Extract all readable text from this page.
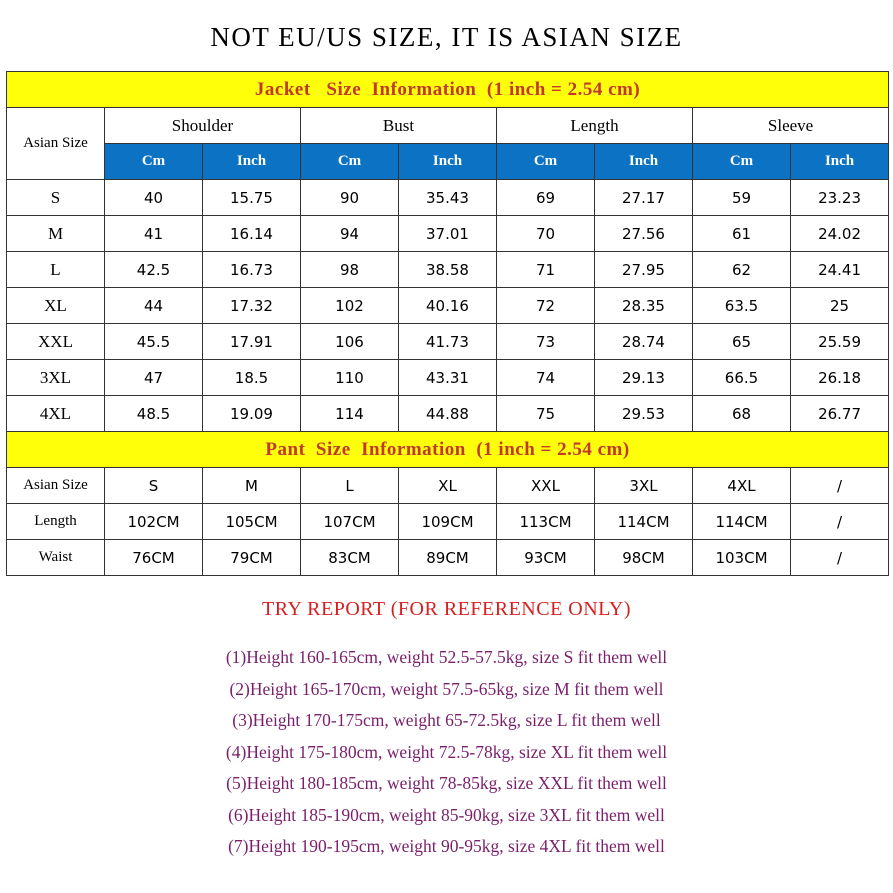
NOT EU/US SIZE, IT IS ASIAN SIZE
Jacket   Size  Information  (1 inch = 2.54 cm)								
Asian Size	Shoulder		Bust		Length		Sleeve	
	Cm	Inch	Cm	Inch	Cm	Inch	Cm	Inch
S	40	15.75	90	35.43	69	27.17	59	23.23
M	41	16.14	94	37.01	70	27.56	61	24.02
L	42.5	16.73	98	38.58	71	27.95	62	24.41
XL	44	17.32	102	40.16	72	28.35	63.5	25
XXL	45.5	17.91	106	41.73	73	28.74	65	25.59
3XL	47	18.5	110	43.31	74	29.13	66.5	26.18
4XL	48.5	19.09	114	44.88	75	29.53	68	26.77
Pant  Size  Information  (1 inch = 2.54 cm)								
Asian Size	S	M	L	XL	XXL	3XL	4XL	/
Length	102CM	105CM	107CM	109CM	113CM	114CM	114CM	/
Waist	76CM	79CM	83CM	89CM	93CM	98CM	103CM	/
TRY REPORT (FOR REFERENCE ONLY)
(1)Height 160-165cm, weight 52.5-57.5kg, size S fit them well
(2)Height 165-170cm, weight 57.5-65kg, size M fit them well
(3)Height 170-175cm, weight 65-72.5kg, size L fit them well
(4)Height 175-180cm, weight 72.5-78kg, size XL fit them well
(5)Height 180-185cm, weight 78-85kg, size XXL fit them well
(6)Height 185-190cm, weight 85-90kg, size 3XL fit them well
(7)Height 190-195cm, weight 90-95kg, size 4XL fit them well
